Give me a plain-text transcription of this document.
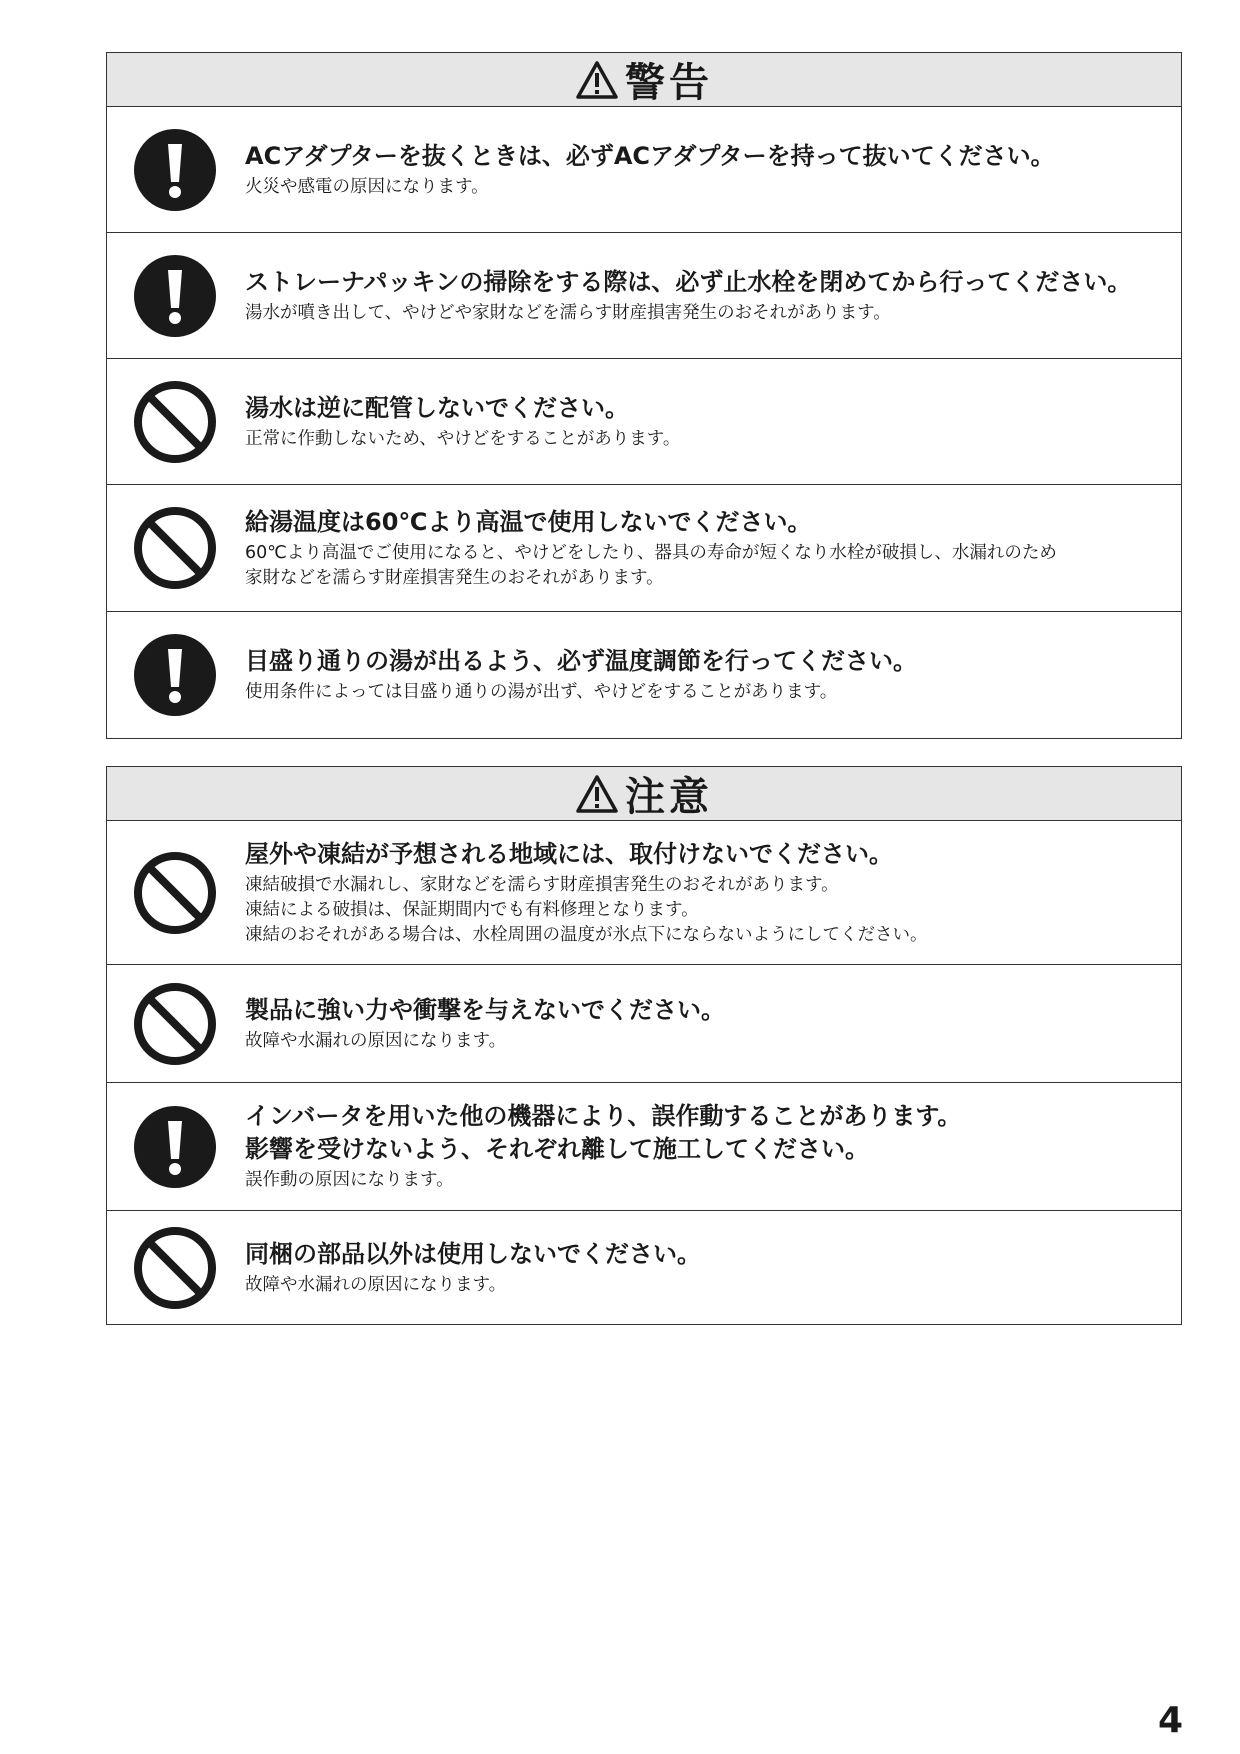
警告
ACアダプターを抜くときは、必ずACアダプターを持って抜いてください。
火災や感電の原因になります。
ストレーナパッキンの掃除をする際は、必ず止水栓を閉めてから行ってください。
湯水が噴き出して、やけどや家財などを濡らす財産損害発生のおそれがあります。
湯水は逆に配管しないでください。
正常に作動しないため、やけどをすることがあります。
給湯温度は60℃より高温で使用しないでください。
60℃より高温でご使用になると、やけどをしたり、器具の寿命が短くなり水栓が破損し、水漏れのため
家財などを濡らす財産損害発生のおそれがあります。
目盛り通りの湯が出るよう、必ず温度調節を行ってください。
使用条件によっては目盛り通りの湯が出ず、やけどをすることがあります。
注意
屋外や凍結が予想される地域には、取付けないでください。
凍結破損で水漏れし、家財などを濡らす財産損害発生のおそれがあります。
凍結による破損は、保証期間内でも有料修理となります。
凍結のおそれがある場合は、水栓周囲の温度が氷点下にならないようにしてください。
製品に強い力や衝撃を与えないでください。
故障や水漏れの原因になります。
インバータを用いた他の機器により、誤作動することがあります。
影響を受けないよう、それぞれ離して施工してください。
誤作動の原因になります。
同梱の部品以外は使用しないでください。
故障や水漏れの原因になります。
4
